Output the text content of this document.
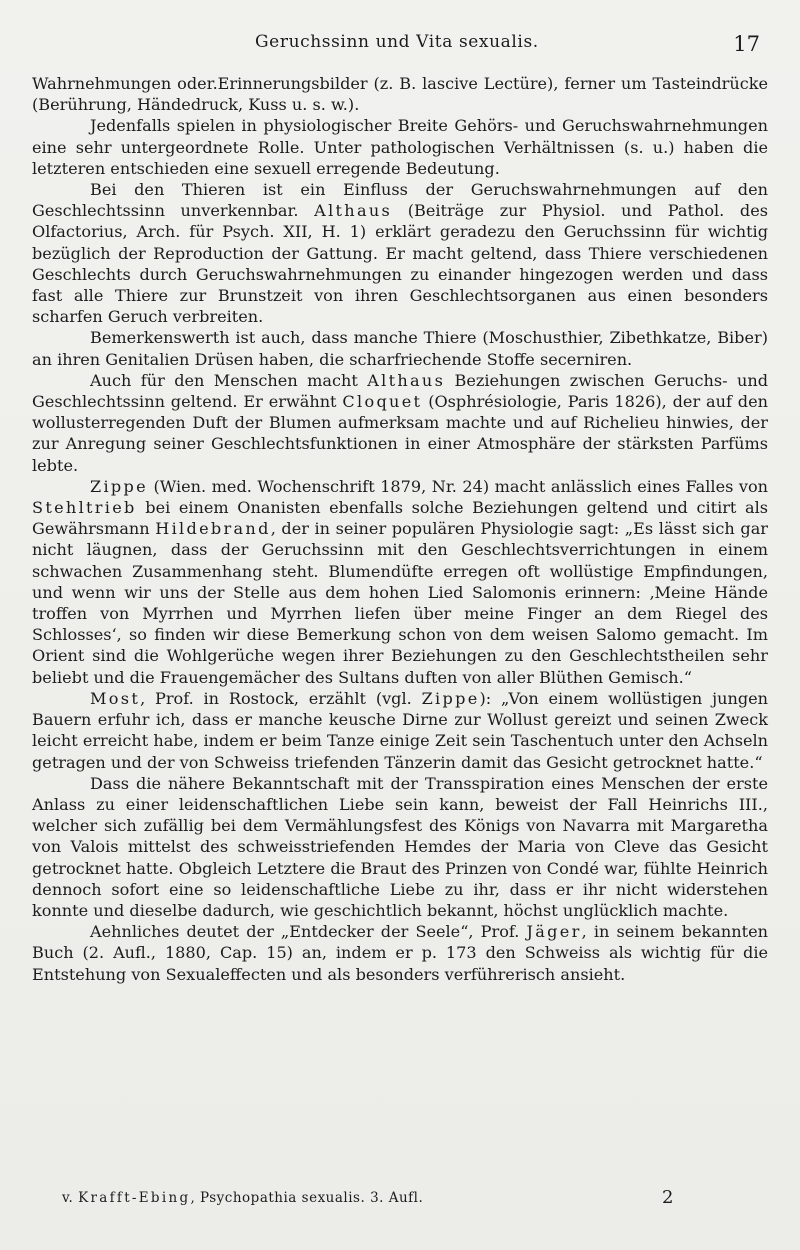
Geruchssinn und Vita sexualis.	17

Wahrnehmungen oder.Erinnerungsbilder (z. B. lascive Lectüre), ferner um Tasteindrücke (Berührung, Händedruck, Kuss u. s. w.).

Jedenfalls spielen in physiologischer Breite Gehörs- und Geruchswahrnehmungen eine sehr untergeordnete Rolle. Unter pathologischen Verhältnissen (s. u.) haben die letzteren entschieden eine sexuell erregende Bedeutung.

Bei den Thieren ist ein Einfluss der Geruchswahrnehmungen auf den Geschlechtssinn unverkennbar. Althaus (Beiträge zur Physiol. und Pathol. des Olfactorius, Arch. für Psych. XII, H. 1) erklärt geradezu den Geruchssinn für wichtig bezüglich der Reproduction der Gattung. Er macht geltend, dass Thiere verschiedenen Geschlechts durch Geruchswahrnehmungen zu einander hingezogen werden und dass fast alle Thiere zur Brunstzeit von ihren Geschlechtsorganen aus einen besonders scharfen Geruch verbreiten.

Bemerkenswerth ist auch, dass manche Thiere (Moschusthier, Zibethkatze, Biber) an ihren Genitalien Drüsen haben, die scharfriechende Stoffe secerniren.

Auch für den Menschen macht Althaus Beziehungen zwischen Geruchs- und Geschlechtssinn geltend. Er erwähnt Cloquet (Osphrésiologie, Paris 1826), der auf den wollusterregenden Duft der Blumen aufmerksam machte und auf Richelieu hinwies, der zur Anregung seiner Geschlechtsfunktionen in einer Atmosphäre der stärksten Parfüms lebte.

Zippe (Wien. med. Wochenschrift 1879, Nr. 24) macht anlässlich eines Falles von Stehltrieb bei einem Onanisten ebenfalls solche Beziehungen geltend und citirt als Gewährsmann Hildebrand, der in seiner populären Physiologie sagt: „Es lässt sich gar nicht läugnen, dass der Geruchssinn mit den Geschlechtsverrichtungen in einem schwachen Zusammenhang steht. Blumendüfte erregen oft wollüstige Empfindungen, und wenn wir uns der Stelle aus dem hohen Lied Salomonis erinnern: ‚Meine Hände troffen von Myrrhen und Myrrhen liefen über meine Finger an dem Riegel des Schlosses‘, so finden wir diese Bemerkung schon von dem weisen Salomo gemacht. Im Orient sind die Wohlgerüche wegen ihrer Beziehungen zu den Geschlechtstheilen sehr beliebt und die Frauengemächer des Sultans duften von aller Blüthen Gemisch.“

Most, Prof. in Rostock, erzählt (vgl. Zippe): „Von einem wollüstigen jungen Bauern erfuhr ich, dass er manche keusche Dirne zur Wollust gereizt und seinen Zweck leicht erreicht habe, indem er beim Tanze einige Zeit sein Taschentuch unter den Achseln getragen und der von Schweiss triefenden Tänzerin damit das Gesicht getrocknet hatte.“

Dass die nähere Bekanntschaft mit der Transspiration eines Menschen der erste Anlass zu einer leidenschaftlichen Liebe sein kann, beweist der Fall Heinrichs III., welcher sich zufällig bei dem Vermählungsfest des Königs von Navarra mit Margaretha von Valois mittelst des schweisstriefenden Hemdes der Maria von Cleve das Gesicht getrocknet hatte. Obgleich Letztere die Braut des Prinzen von Condé war, fühlte Heinrich dennoch sofort eine so leidenschaftliche Liebe zu ihr, dass er ihr nicht widerstehen konnte und dieselbe dadurch, wie geschichtlich bekannt, höchst unglücklich machte.

Aehnliches deutet der „Entdecker der Seele“, Prof. Jäger, in seinem bekannten Buch (2. Aufl., 1880, Cap. 15) an, indem er p. 173 den Schweiss als wichtig für die Entstehung von Sexualeffecten und als besonders verführerisch ansieht.

v. Krafft-Ebing, Psychopathia sexualis. 3. Aufl.	2
